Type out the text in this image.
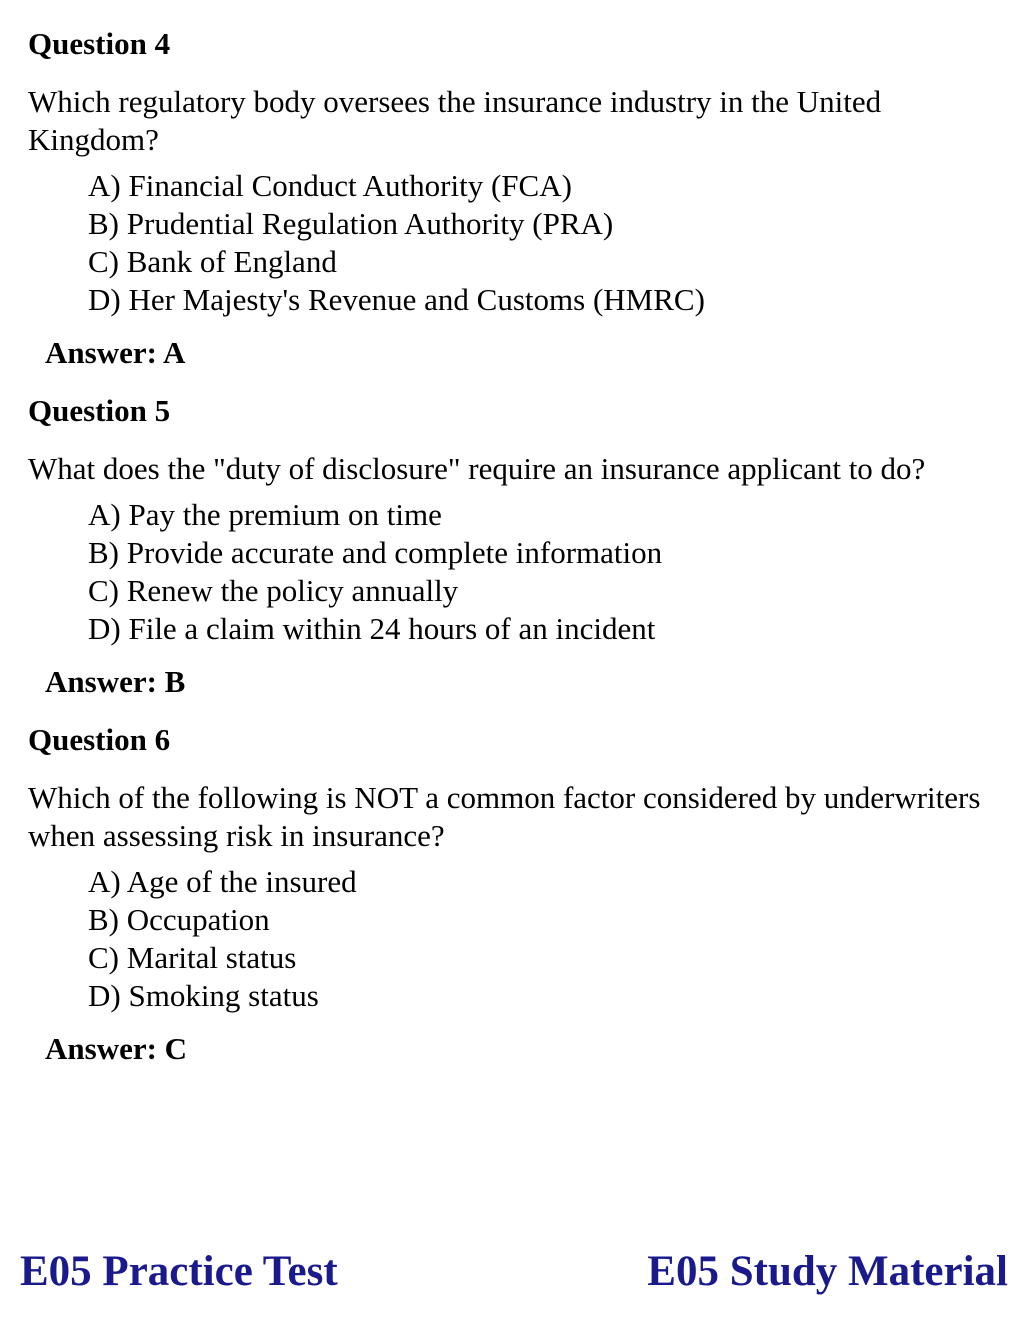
Question 4

Which regulatory body oversees the insurance industry in the United Kingdom?

A) Financial Conduct Authority (FCA)
B) Prudential Regulation Authority (PRA)
C) Bank of England
D) Her Majesty's Revenue and Customs (HMRC)

Answer: A

Question 5

What does the "duty of disclosure" require an insurance applicant to do?

A) Pay the premium on time
B) Provide accurate and complete information
C) Renew the policy annually
D) File a claim within 24 hours of an incident

Answer: B

Question 6

Which of the following is NOT a common factor considered by underwriters when assessing risk in insurance?

A) Age of the insured
B) Occupation
C) Marital status
D) Smoking status

Answer: C

E05 Practice Test	E05 Study Material
